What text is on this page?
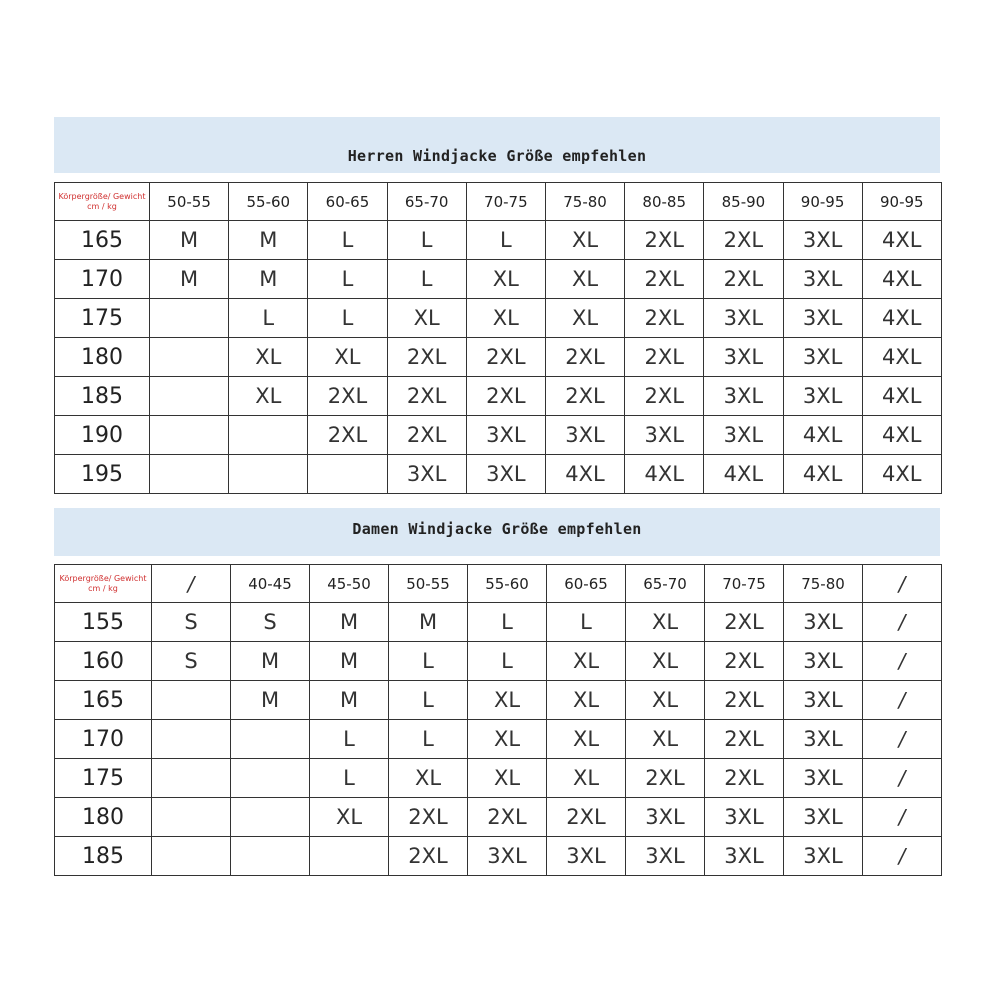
Herren Windjacke Größe empfehlen
Körpergröße/ Gewicht
cm / kg	50-55	55-60	60-65	65-70	70-75	75-80	80-85	85-90	90-95	90-95
165	M	M	L	L	L	XL	2XL	2XL	3XL	4XL
170	M	M	L	L	XL	XL	2XL	2XL	3XL	4XL
175		L	L	XL	XL	XL	2XL	3XL	3XL	4XL
180		XL	XL	2XL	2XL	2XL	2XL	3XL	3XL	4XL
185		XL	2XL	2XL	2XL	2XL	2XL	3XL	3XL	4XL
190			2XL	2XL	3XL	3XL	3XL	3XL	4XL	4XL
195				3XL	3XL	4XL	4XL	4XL	4XL	4XL
Damen Windjacke Größe empfehlen
Körpergröße/ Gewicht
cm / kg	/	40-45	45-50	50-55	55-60	60-65	65-70	70-75	75-80	/
155	S	S	M	M	L	L	XL	2XL	3XL	/
160	S	M	M	L	L	XL	XL	2XL	3XL	/
165		M	M	L	XL	XL	XL	2XL	3XL	/
170			L	L	XL	XL	XL	2XL	3XL	/
175			L	XL	XL	XL	2XL	2XL	3XL	/
180			XL	2XL	2XL	2XL	3XL	3XL	3XL	/
185				2XL	3XL	3XL	3XL	3XL	3XL	/
